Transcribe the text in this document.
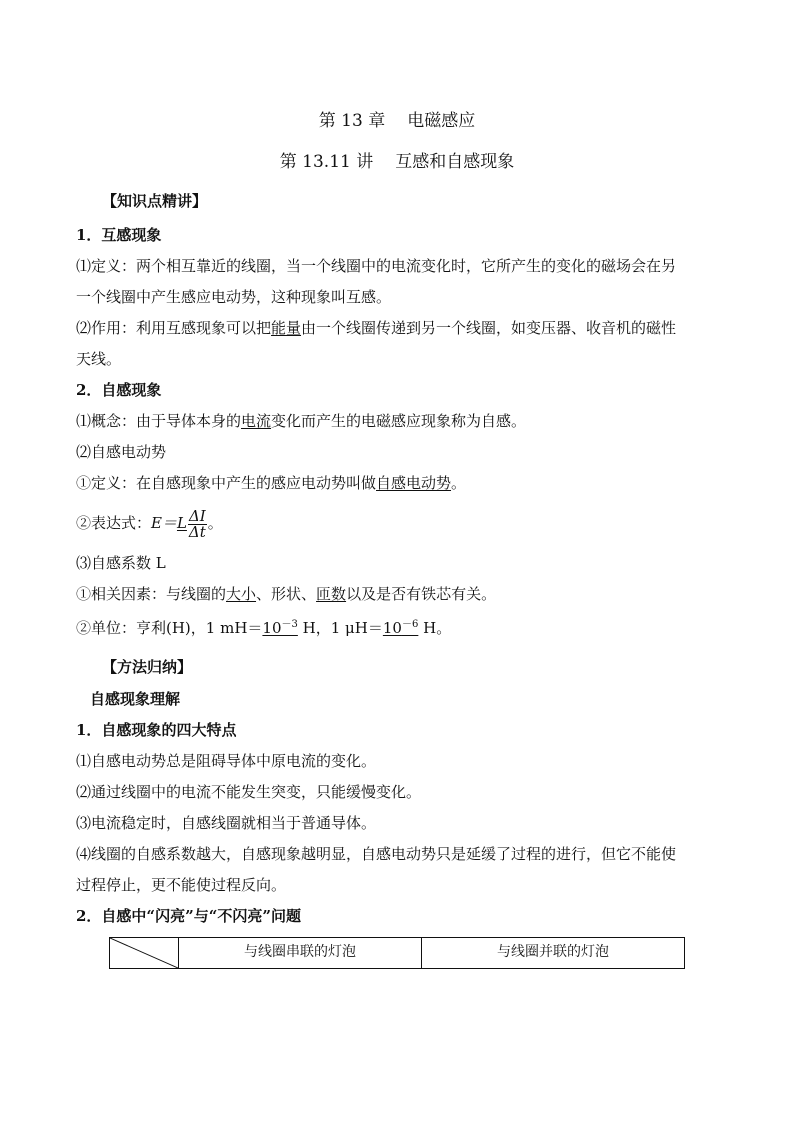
第 13 章 电磁感应
第 13.11 讲 互感和自感现象
【知识点精讲】
1．互感现象
⑴定义：两个相互靠近的线圈，当一个线圈中的电流变化时，它所产生的变化的磁场会在另
一个线圈中产生感应电动势，这种现象叫互感。
⑵作用：利用互感现象可以把能量由一个线圈传递到另一个线圈，如变压器、收音机的磁性
天线。
2．自感现象
⑴概念：由于导体本身的电流变化而产生的电磁感应现象称为自感。
⑵自感电动势
①定义：在自感现象中产生的感应电动势叫做自感电动势。
②表达式：$E=L \frac{\Delta I}{\Delta t}$ 。
⑶自感系数 L
①相关因素：与线圈的大小、形状、匝数以及是否有铁芯有关。
②单位：亨利(H)，1 $mH=10^{-3}$ H，1 $\mu H=10^{-6}$ H。
【方法归纳】
自感现象理解
1．自感现象的四大特点
⑴自感电动势总是阻碍导体中原电流的变化。
⑵通过线圈中的电流不能发生突变，只能缓慢变化。
⑶电流稳定时，自感线圈就相当于普通导体。
⑷线圈的自感系数越大，自感现象越明显，自感电动势只是延缓了过程的进行，但它不能使
过程停止，更不能使过程反向。
2．自感中“闪亮”与“不闪亮”问题
	与线圈串联的灯泡	与线圈并联的灯泡
